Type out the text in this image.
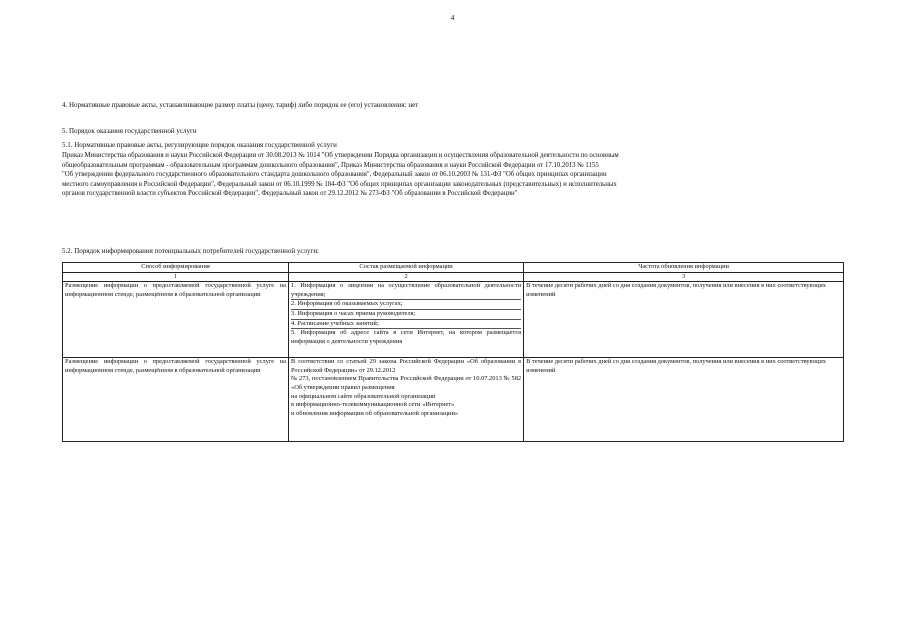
4
4. Нормативные правовые акты, устанавливающие размер платы (цену, тариф) либо порядок ее (его) установления: нет
5. Порядок оказания государственной услуги
5.1. Нормативные правовые акты, регулирующие порядок оказания государственной услуги

Приказ Министерства образования и науки Российской Федерации от 30.08.2013 № 1014 "Об утверждении Порядка организации и осуществления образовательной деятельности по основным

общеобразовательным программам - образовательным программам дошкольного образования", Приказ Министерства образования и науки Российской Федерации от 17.10.2013 № 1155

"Об утверждении федерального государственного образовательного стандарта дошкольного образования", Федеральный закон от 06.10.2003 № 131-ФЗ "Об общих принципах организации

местного самоуправления в Российской Федерации", Федеральный закон от 06.10.1999 № 184-ФЗ "Об общих принципах организации законодательных (представительных) и исполнительных

органов государственной власти субъектов Российской Федерации", Федеральный закон от 29.12.2012 № 273-ФЗ "Об образовании в Российской Федерации"

5.2. Порядок информирования потенциальных потребителей государственной услуги:
Способ информирования	Состав размещаемой информации	Частота обновления информации
1	2	3
Размещение информации о предоставляемой государственной услуге на информационном стенде, размещённом в образовательной организации	1. Информация о лицензии на осуществление образовательной деятельности учреждения;
2. Информация об оказываемых услугах;
3. Информация о часах приема руководителя;
4. Расписание учебных занятий;
5. Информация об адресе сайта в сети Интернет, на котором размещается информация о деятельности учреждения	В течение десяти рабочих дней со дня создания документов, получения или внесения в них соответствующих изменений
Размещение информации о предоставляемой государственной услуге на информационном стенде, размещённом в образовательной организации	В соответствии со статьей 29 закона Российской Федерации «Об образовании в Российской Федерации» от 29.12.2012
№ 273, постановлением Правительства Российской Федерации от 10.07.2013 № 582 «Об утверждении правил размещения
на официальном сайте образовательной организации
в информационно-телекоммуникационной сети «Интернет»
и обновления информации об образовательной организации»	В течение десяти рабочих дней со дня создания документов, получения или внесения в них соответствующих изменений
